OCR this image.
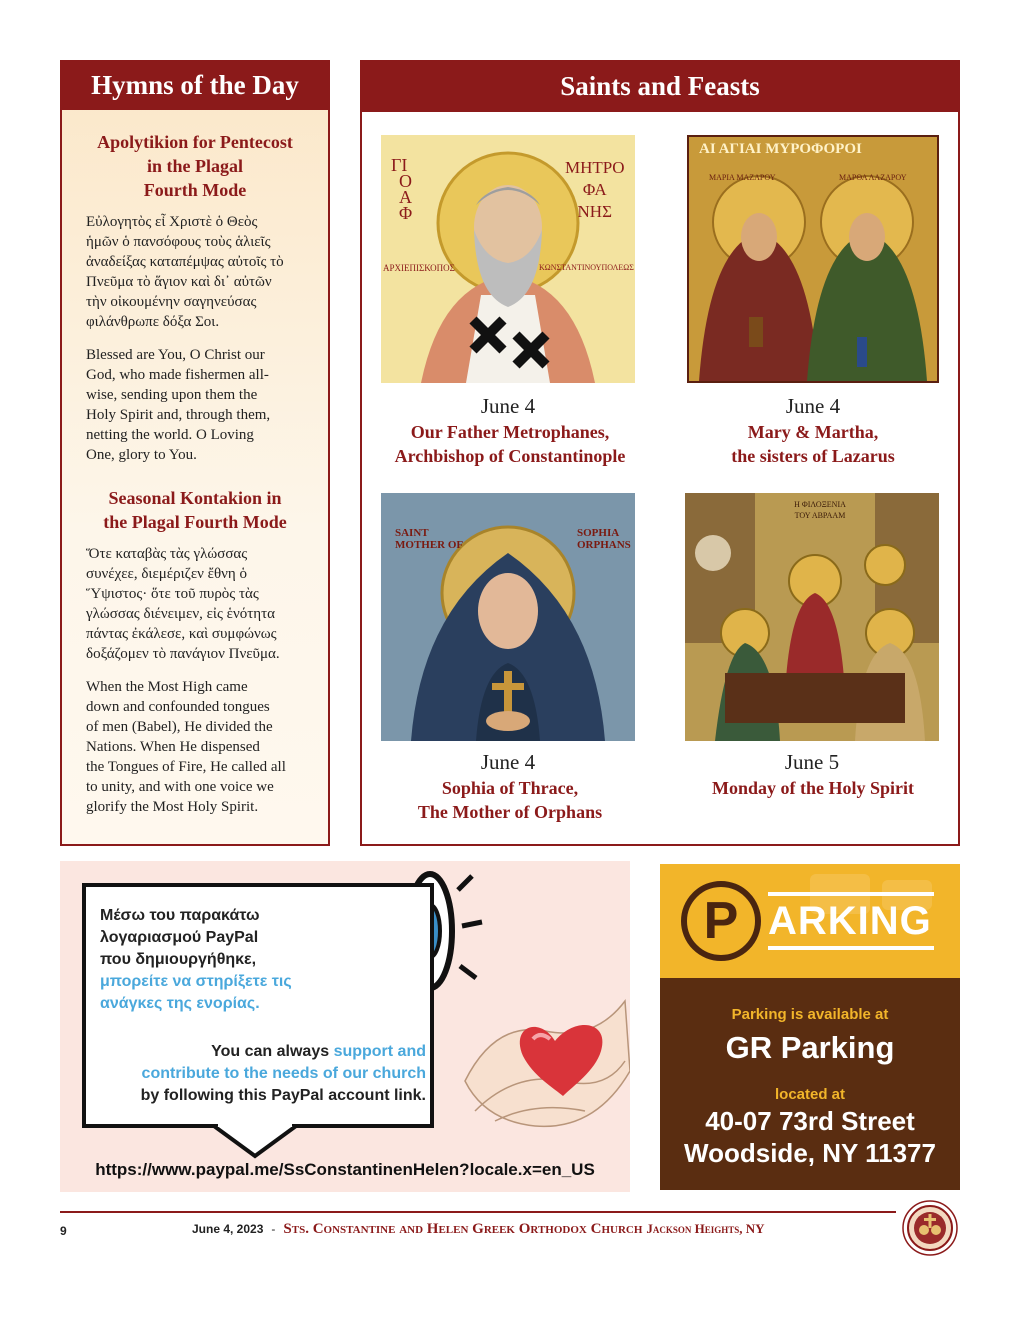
Hymns of the Day

Apolytikion for Pentecost

in the Plagal

Fourth Mode

Εὐλογητὸς εἶ Χριστὲ ὁ Θεὸς

ἡμῶν ὁ πανσόφους τοὺς ἁλιεῖς

ἀναδείξας καταπέμψας αὐτοῖς τὸ

Πνεῦμα τὸ ἅγιον καὶ δι᾽ αὐτῶν

τὴν οἰκουμένην σαγηνεύσας

φιλάνθρωπε δόξα Σοι.

Blessed are You, O Christ our

God, who made fishermen all-

wise, sending upon them the

Holy Spirit and, through them,

netting the world. O Loving

One, glory to You.

Seasonal Kontakion in

the Plagal Fourth Mode

Ὅτε καταβὰς τὰς γλώσσας

συνέχεε, διεμέριζεν ἔθνη ὁ

Ὕψιστος· ὅτε τοῦ πυρὸς τὰς

γλώσσας διένειμεν, εἰς ἑνότητα

πάντας ἐκάλεσε, καὶ συμφώνως

δοξάζομεν τὸ πανάγιον Πνεῦμα.

When the Most High came

down and confounded tongues

of men (Babel), He divided the

Nations. When He dispensed

the Tongues of Fire, He called all

to unity, and with one voice we

glorify the Most Holy Spirit.

Saints and Feasts
ΓΙ
Ο
Α
Φ
ΜΗΤΡΟ
ΦΑ
ΝΗΣ
ΑΡΧΙΕΠΙΣΚΟΠΟΣ	ΚΩΝΣΤΑΝΤΙΝΟΥΠΟΛΕΩΣ
June 4
Our Father Metrophanes,
Archbishop of Constantinople
ΑΙ ΑΓΙΑΙ ΜΥΡΟΦΟΡΟΙ
ΜΑΡΙΑ ΜΑΖΑΡΟΥ	ΜΑΡΘΑ ΛΑΖΑΡΟΥ
June 4
Mary & Martha,
the sisters of Lazarus
SAINT
MOTHER OF
SOPHIA
ORPHANS
June 4
Sophia of Thrace,
The Mother of Orphans
Η ΦΙΛΟΞΕΝΙΑ
ΤΟΥ ΑΒΡΑΑΜ
June 5
Monday of the Holy Spirit
Μέσω του παρακάτω
λογαριασμού PayPal
που δημιουργήθηκε,
μπορείτε να στηρίξετε τις
ανάγκες της ενορίας.
You can always support and
contribute to the needs of our church
by following this PayPal account link.
https://www.paypal.me/SsConstantinenHelen?locale.x=en_US
P ARKING
Parking is available at
GR Parking
located at
40-07 73rd Street
Woodside, NY 11377
9	June 4, 2023 - Sts. Constantine and Helen Greek Orthodox Church Jackson Heights, NY
